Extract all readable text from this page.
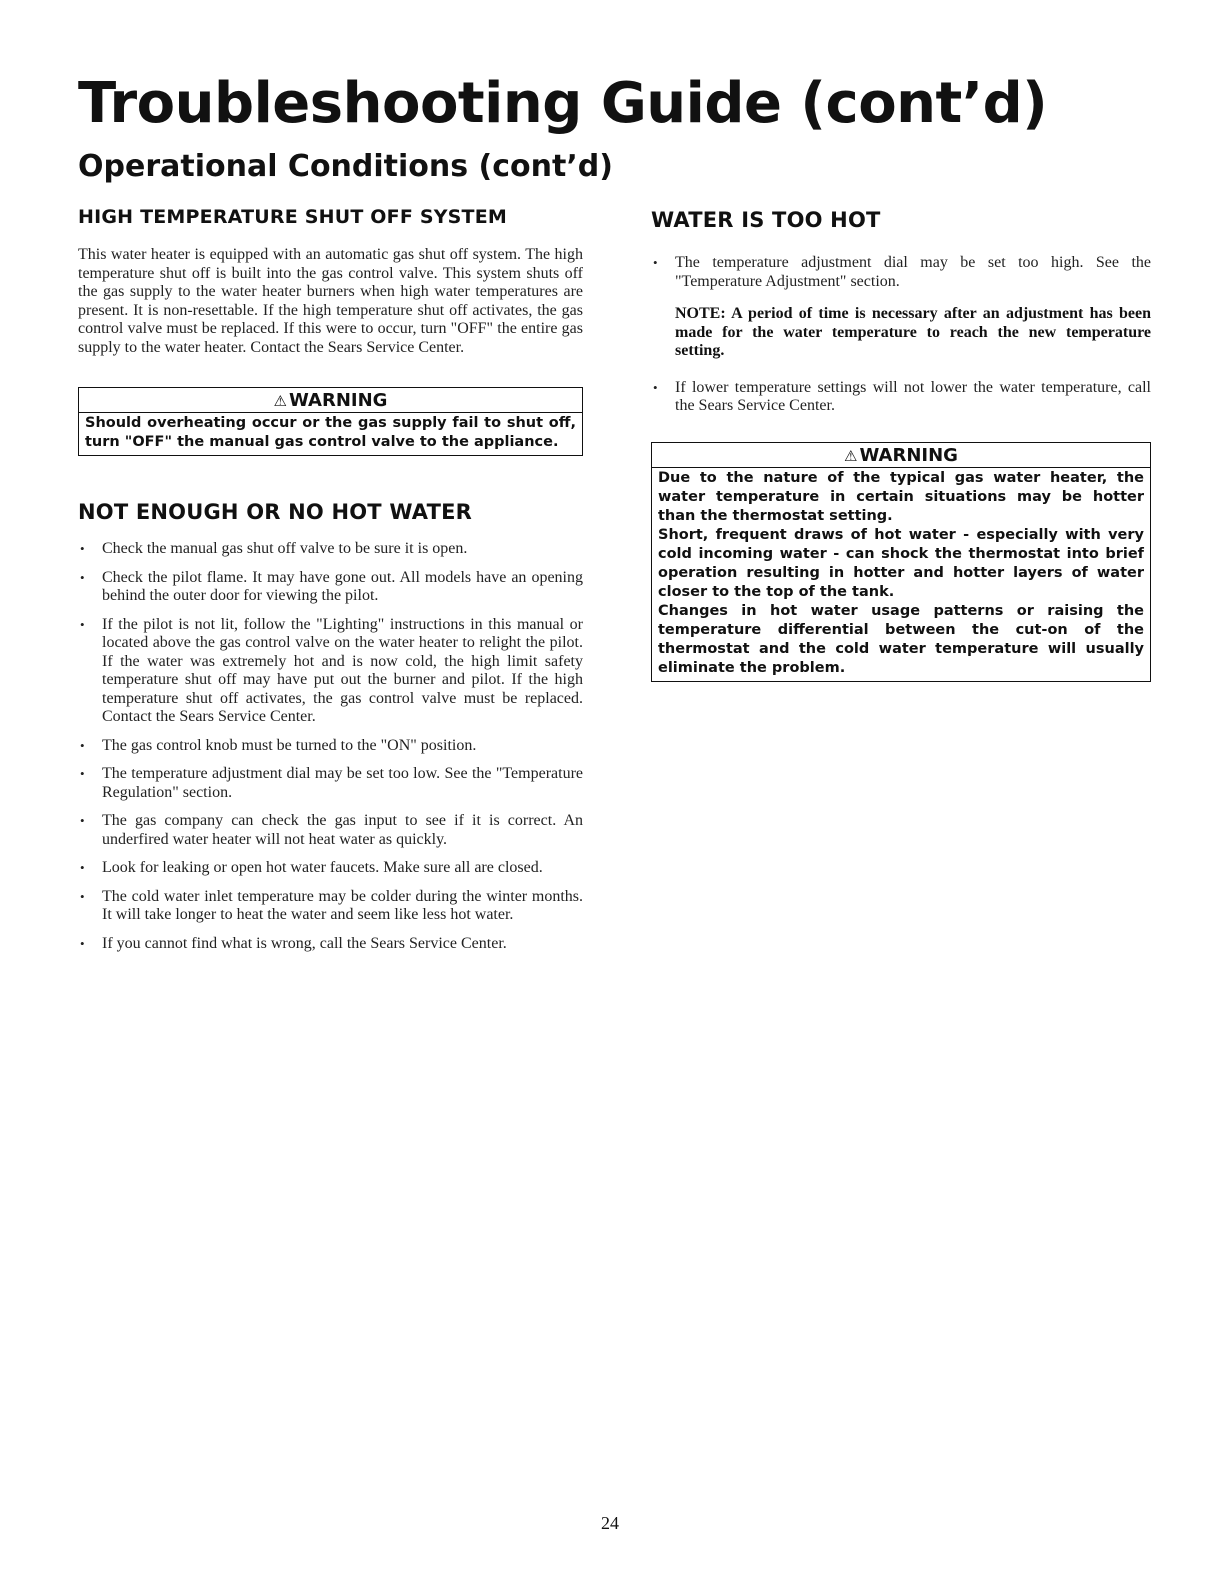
Troubleshooting Guide (cont’d)
Operational Conditions (cont’d)
HIGH TEMPERATURE SHUT OFF SYSTEM

This water heater is equipped with an automatic gas shut off system. The high temperature shut off is built into the gas control valve. This system shuts off the gas supply to the water heater burners when high water temperatures are present. It is non-resettable. If the high temperature shut off activates, the gas control valve must be replaced. If this were to occur, turn "OFF" the entire gas supply to the water heater. Contact the Sears Service Center.

⚠ WARNING

Should overheating occur or the gas supply fail to shut off, turn "OFF" the manual gas control valve to the appliance.

NOT ENOUGH OR NO HOT WATER
• Check the manual gas shut off valve to be sure it is open.
• Check the pilot flame. It may have gone out. All models have an opening behind the outer door for viewing the pilot.
• If the pilot is not lit, follow the "Lighting" instructions in this manual or located above the gas control valve on the water heater to relight the pilot. If the water was extremely hot and is now cold, the high limit safety temperature shut off may have put out the burner and pilot. If the high temperature shut off activates, the gas control valve must be replaced. Contact the Sears Service Center.
• The gas control knob must be turned to the "ON" position.
• The temperature adjustment dial may be set too low. See the "Temperature Regulation" section.
• The gas company can check the gas input to see if it is correct. An underfired water heater will not heat water as quickly.
• Look for leaking or open hot water faucets. Make sure all are closed.
• The cold water inlet temperature may be colder during the winter months. It will take longer to heat the water and seem like less hot water.
• If you cannot find what is wrong, call the Sears Service Center.
WATER IS TOO HOT
• The temperature adjustment dial may be set too high. See the "Temperature Adjustment" section.

NOTE: A period of time is necessary after an adjustment has been made for the water temperature to reach the new temperature setting.

• If lower temperature settings will not lower the water temperature, call the Sears Service Center.
⚠ WARNING

Due to the nature of the typical gas water heater, the water temperature in certain situations may be hotter than the thermostat setting.

Short, frequent draws of hot water - especially with very cold incoming water - can shock the thermostat into brief operation resulting in hotter and hotter layers of water closer to the top of the tank.

Changes in hot water usage patterns or raising the temperature differential between the cut-on of the thermostat and the cold water temperature will usually eliminate the problem.

24
